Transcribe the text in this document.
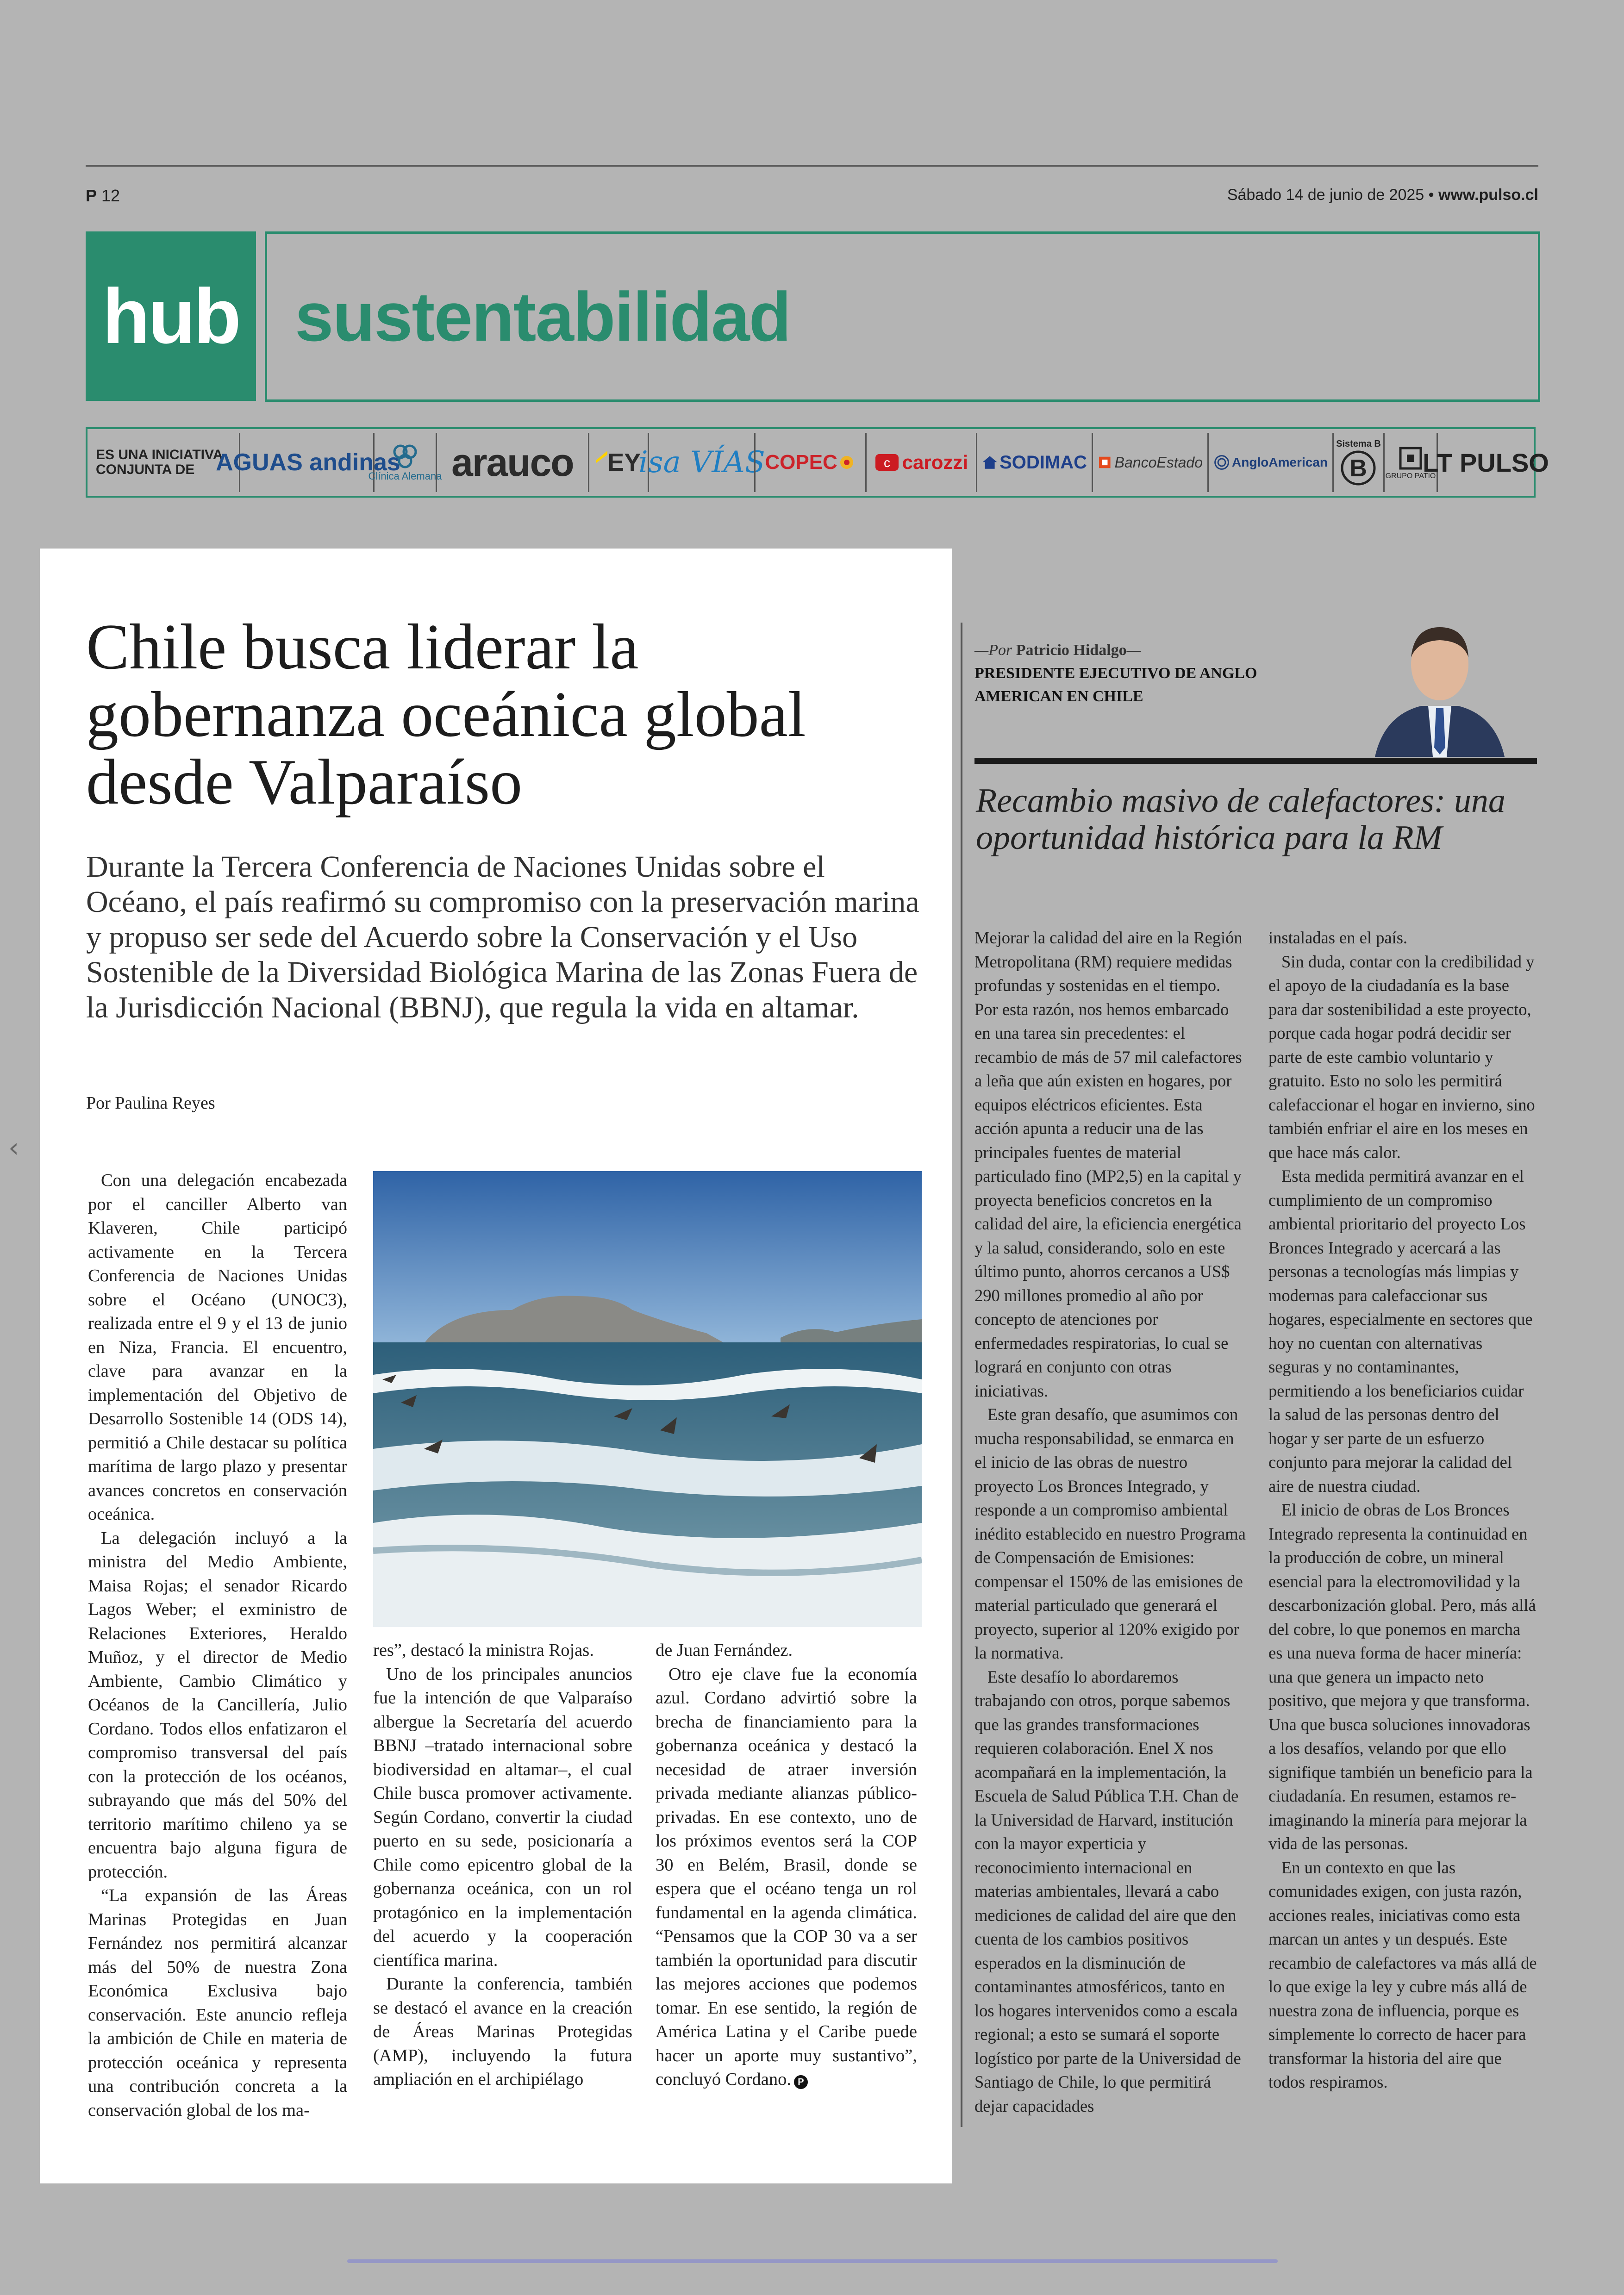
P 12	Sábado 14 de junio de 2025 • www.pulso.cl
hub sustentabilidad
ES UNA INICIATIVA CONJUNTA DE AGUAS andinas
Clínica Alemana arauco EY
isa VÍAS COPEC	c carozzi SODIMAC BancoEstado AngloAmerican
Sistema B
B GRUPO PATIO
LT PULSO
Chile busca liderar la gobernanza oceánica global desde Valparaíso

Durante la Tercera Conferencia de Naciones Unidas sobre el Océano, el país reafirmó su compromiso con la preservación marina y propuso ser sede del Acuerdo sobre la Conservación y el Uso Sostenible de la Diversidad Biológica Marina de las Zonas Fuera de la Jurisdicción Nacional (BBNJ), que regula la vida en altamar.

Por Paulina Reyes

Con una delegación encabezada por el canciller Alberto van Klaveren, Chile participó activamente en la Tercera Conferencia de Naciones Unidas sobre el Océano (UNOC3), realizada entre el 9 y el 13 de junio en Niza, Francia. El encuentro, clave para avanzar en la implementación del Objetivo de Desarrollo Sostenible 14 (ODS 14), permitió a Chile destacar su política marítima de largo plazo y presentar avances concretos en conservación oceánica.

La delegación incluyó a la ministra del Medio Ambiente, Maisa Rojas; el senador Ricardo Lagos Weber; el exministro de Relaciones Exteriores, Heraldo Muñoz, y el director de Medio Ambiente, Cambio Climático y Océanos de la Cancillería, Julio Cordano. Todos ellos enfatizaron el compromiso transversal del país con la protección de los océanos, subrayando que más del 50% del territorio marítimo chileno ya se encuentra bajo alguna figura de protección.

“La expansión de las Áreas Marinas Protegidas en Juan Fernández nos permitirá alcanzar más del 50% de nuestra Zona Económica Exclusiva bajo conservación. Este anuncio refleja la ambición de Chile en materia de protección oceánica y representa una contribución concreta a la conservación global de los ma-

res”, destacó la ministra Rojas.

Uno de los principales anuncios fue la intención de que Valparaíso albergue la Secretaría del acuerdo BBNJ –tratado internacional sobre biodiversidad en altamar–, el cual Chile busca promover activamente. Según Cordano, convertir la ciudad puerto en su sede, posicionaría a Chile como epicentro global de la gobernanza oceánica, con un rol protagónico en la implementación del acuerdo y la cooperación científica marina.

Durante la conferencia, también se destacó el avance en la creación de Áreas Marinas Protegidas (AMP), incluyendo la futura ampliación en el archipiélago

de Juan Fernández.

Otro eje clave fue la economía azul. Cordano advirtió sobre la brecha de financiamiento para la gobernanza oceánica y destacó la necesidad de atraer inversión privada mediante alianzas público-privadas. En ese contexto, uno de los próximos eventos será la COP 30 en Belém, Brasil, donde se espera que el océano tenga un rol fundamental en la agenda climática. “Pensamos que la COP 30 va a ser también la oportunidad para discutir las mejores acciones que podemos tomar. En ese sentido, la región de América Latina y el Caribe puede hacer un aporte muy sustantivo”, concluyó Cordano. P

—Por Patricio Hidalgo—
PRESIDENTE EJECUTIVO DE ANGLO AMERICAN EN CHILE
Recambio masivo de calefactores: una oportunidad histórica para la RM

Mejorar la calidad del aire en la Región Metropolitana (RM) requiere medidas profundas y sostenidas en el tiempo. Por esta razón, nos hemos embarcado en una tarea sin precedentes: el recambio de más de 57 mil calefactores a leña que aún existen en hogares, por equipos eléctricos eficientes. Esta acción apunta a reducir una de las principales fuentes de material particulado fino (MP2,5) en la capital y proyecta beneficios concretos en la calidad del aire, la eficiencia energética y la salud, considerando, solo en este último punto, ahorros cercanos a US$ 290 millones promedio al año por concepto de atenciones por enfermedades respiratorias, lo cual se logrará en conjunto con otras iniciativas.

Este gran desafío, que asumimos con mucha responsabilidad, se enmarca en el inicio de las obras de nuestro proyecto Los Bronces Integrado, y responde a un compromiso ambiental inédito establecido en nuestro Programa de Compensación de Emisiones: compensar el 150% de las emisiones de material particulado que generará el proyecto, superior al 120% exigido por la normativa.

Este desafío lo abordaremos trabajando con otros, porque sabemos que las grandes transformaciones requieren colaboración. Enel X nos acompañará en la implementación, la Escuela de Salud Pública T.H. Chan de la Universidad de Harvard, institución con la mayor experticia y reconocimiento internacional en materias ambientales, llevará a cabo mediciones de calidad del aire que den cuenta de los cambios positivos esperados en la disminución de contaminantes atmosféricos, tanto en los hogares intervenidos como a escala regional; a esto se sumará el soporte logístico por parte de la Universidad de Santiago de Chile, lo que permitirá dejar capacidades

instaladas en el país.

Sin duda, contar con la credibilidad y el apoyo de la ciudadanía es la base para dar sostenibilidad a este proyecto, porque cada hogar podrá decidir ser parte de este cambio voluntario y gratuito. Esto no solo les permitirá calefaccionar el hogar en invierno, sino también enfriar el aire en los meses en que hace más calor.

Esta medida permitirá avanzar en el cumplimiento de un compromiso ambiental prioritario del proyecto Los Bronces Integrado y acercará a las personas a tecnologías más limpias y modernas para calefaccionar sus hogares, especialmente en sectores que hoy no cuentan con alternativas seguras y no contaminantes, permitiendo a los beneficiarios cuidar la salud de las personas dentro del hogar y ser parte de un esfuerzo conjunto para mejorar la calidad del aire de nuestra ciudad.

El inicio de obras de Los Bronces Integrado representa la continuidad en la producción de cobre, un mineral esencial para la electromovilidad y la descarbonización global. Pero, más allá del cobre, lo que ponemos en marcha es una nueva forma de hacer minería: una que genera un impacto neto positivo, que mejora y que transforma. Una que busca soluciones innovadoras a los desafíos, velando por que ello signifique también un beneficio para la ciudadanía. En resumen, estamos re-imaginando la minería para mejorar la vida de las personas.

En un contexto en que las comunidades exigen, con justa razón, acciones reales, iniciativas como esta marcan un antes y un después. Este recambio de calefactores va más allá de lo que exige la ley y cubre más allá de nuestra zona de influencia, porque es simplemente lo correcto de hacer para transformar la historia del aire que todos respiramos.

‹
